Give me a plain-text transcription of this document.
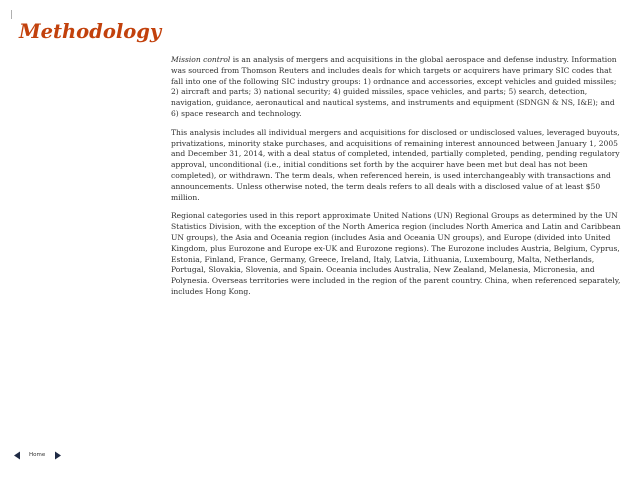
Methodology

Mission control is an analysis of mergers and acquisitions in the global aerospace and defense industry. Information was sourced from Thomson Reuters and includes deals for which targets or acquirers have primary SIC codes that fall into one of the following SIC industry groups: 1) ordnance and accessories, except vehicles and guided missiles; 2) aircraft and parts; 3) national security; 4) guided missiles, space vehicles, and parts; 5) search, detection, navigation, guidance, aeronautical and nautical systems, and instruments and equipment (SDNGN & NS, I&E); and 6) space research and technology.

This analysis includes all individual mergers and acquisitions for disclosed or undisclosed values, leveraged buyouts, privatizations, minority stake purchases, and acquisitions of remaining interest announced between January 1, 2005 and December 31, 2014, with a deal status of completed, intended, partially completed, pending, pending regulatory approval, unconditional (i.e., initial conditions set forth by the acquirer have been met but deal has not been completed), or withdrawn. The term deals, when referenced herein, is used interchangeably with transactions and announcements. Unless otherwise noted, the term deals refers to all deals with a disclosed value of at least $50 million.

Regional categories used in this report approximate United Nations (UN) Regional Groups as determined by the UN Statistics Division, with the exception of the North America region (includes North America and Latin and Caribbean UN groups), the Asia and Oceania region (includes Asia and Oceania UN groups), and Europe (divided into United Kingdom, plus Eurozone and Europe ex-UK and Eurozone regions). The Eurozone includes Austria, Belgium, Cyprus, Estonia, Finland, France, Germany, Greece, Ireland, Italy, Latvia, Lithuania, Luxembourg, Malta, Netherlands, Portugal, Slovakia, Slovenia, and Spain. Oceania includes Australia, New Zealand, Melanesia, Micronesia, and Polynesia. Overseas territories were included in the region of the parent country. China, when referenced separately, includes Hong Kong.

Home
